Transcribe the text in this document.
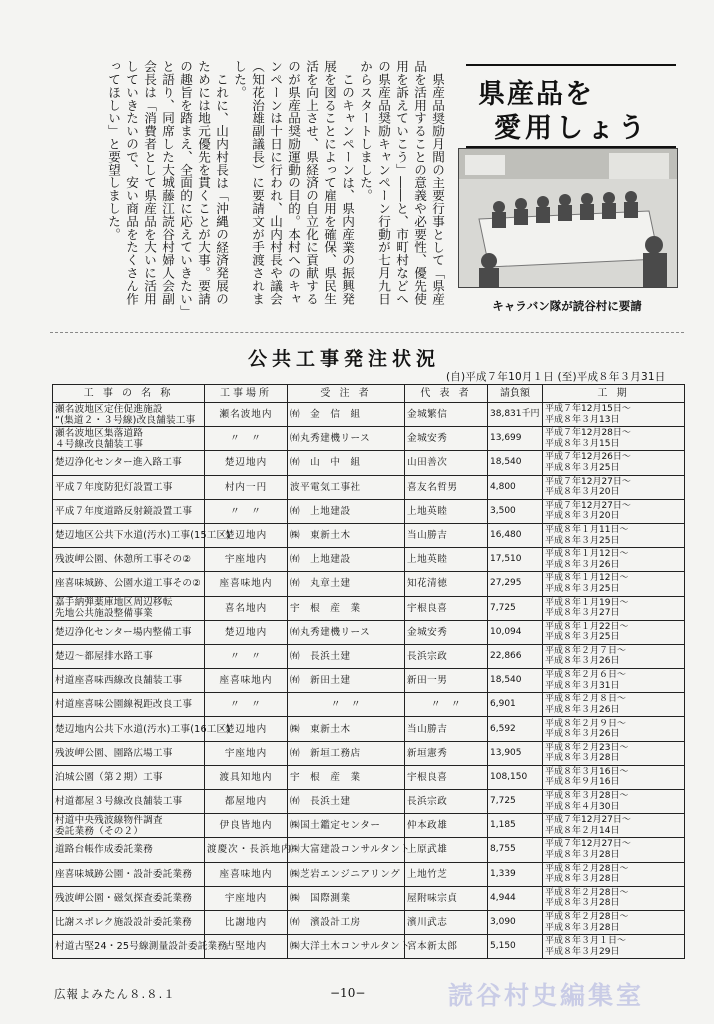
県産品奨励月間の主要行事として「県産品を活用することの意義や必要性、優先使用を訴えていこう」――と、市町村などへの県産品奨励キャンペーン行動が七月九日からスタートしました。

このキャンペーンは、県内産業の振興発展を図ることによって雇用を確保、県民生活を向上させ、県経済の自立化に貢献するのが県産品奨励運動の目的。本村へのキャンペーンは十日に行われ、山内村長や議会（知花治雄副議長）に要請文が手渡されました。

これに、山内村長は「沖縄の経済発展のためには地元優先を貫くことが大事。要請の趣旨を踏まえ、全面的に応えていきたい」と語り、同席した大城藤江読谷村婦人会副会長は「消費者として県産品を大いに活用していきたいので、安い商品をたくさん作ってほしい」と要望しました。	県産品を
愛用しょう
キャラバン隊が読谷村に要請
公共工事発注状況
(自)平成７年10月１日 (至)平成８年３月31日
工 事 の 名 称	工事場所	受 注 者	代 表 者	請負額	工 期
瀬名波地区定住促進施設
“(集道２・３号線)改良舗装工事	瀬名波地内	㈲　金　信　組	金城繁信	38,831千円	平成７年12月15日〜
平成８年３月13日
瀬名波地区集落道路
４号線改良舗装工事	〃　〃	㈲丸秀建機リース	金城安秀	13,699	平成７年12月28日〜
平成８年３月15日
楚辺浄化センター進入路工事	楚辺地内	㈲　山　中　組	山田善次	18,540	平成７年12月26日〜
平成８年３月25日
平成７年度防犯灯設置工事	村内一円	波平電気工事社	喜友名哲男	4,800	平成７年12月27日〜
平成８年３月20日
平成７年度道路反射鏡設置工事	〃　〃	㈲　上地建設	上地英睦	3,500	平成７年12月27日〜
平成８年３月20日
楚辺地区公共下水道(汚水)工事(15工区)	楚辺地内	㈱　東新土木	当山勝吉	16,480	平成８年１月11日〜
平成８年３月25日
残波岬公園、休憩所工事その②	宇座地内	㈲　上地建設	上地英睦	17,510	平成８年１月12日〜
平成８年３月26日
座喜味城跡、公園水道工事その②	座喜味地内	㈲　丸章土建	知花清徳	27,295	平成８年１月12日〜
平成８年３月25日
嘉手納弾薬庫地区周辺移転
先地公共施設整備事業	喜名地内	宇　根　産　業	宇根良喜	7,725	平成８年１月19日〜
平成８年３月27日
楚辺浄化センター場内整備工事	楚辺地内	㈲丸秀建機リース	金城安秀	10,094	平成８年１月22日〜
平成８年３月25日
楚辺〜都屋排水路工事	〃　〃	㈲　長浜土建	長浜宗政	22,866	平成８年２月７日〜
平成８年３月26日
村道座喜味西線改良舗装工事	座喜味地内	㈲　新田土建	新田一男	18,540	平成８年２月６日〜
平成８年３月31日
村道座喜味公園線視距改良工事	〃　〃	〃　〃	〃　〃	6,901	平成８年２月８日〜
平成８年３月26日
楚辺地内公共下水道(汚水)工事(16工区)	楚辺地内	㈱　東新土木	当山勝吉	6,592	平成８年２月９日〜
平成８年３月26日
残波岬公園、園路広場工事	宇座地内	㈲　新垣工務店	新垣憲秀	13,905	平成８年２月23日〜
平成８年３月28日
泊城公園（第２期）工事	渡具知地内	宇　根　産　業	宇根良喜	108,150	平成８年３月16日〜
平成８年９月16日
村道都屋３号線改良舗装工事	都屋地内	㈲　長浜土建	長浜宗政	7,725	平成８年３月28日〜
平成８年４月30日
村道中央残波線物件調査
委託業務（その２）	伊良皆地内	㈱国土鑑定センター	仲本政雄	1,185	平成７年12月27日〜
平成８年２月14日
道路台帳作成委託業務	渡慶次・長浜地内	㈱大富建設コンサルタント	上原武雄	8,755	平成７年12月27日〜
平成８年３月28日
座喜味城跡公園・設計委託業務	座喜味地内	㈱芝岩エンジニアリング	上地竹芝	1,339	平成８年２月28日〜
平成８年３月28日
残波岬公園・磁気探査委託業務	宇座地内	㈱　国際測業	屋附味宗貞	4,944	平成８年２月28日〜
平成８年３月28日
比謝スポレク施設設計委託業務	比謝地内	㈲　濱設計工房	濱川武志	3,090	平成８年２月28日〜
平成８年３月28日
村道古堅24・25号線測量設計委託業務	古堅地内	㈱大洋土木コンサルタント	宮本新太郎	5,150	平成８年３月１日〜
平成８年３月29日
広報よみたん８.８.１	−10−	読谷村史編集室
